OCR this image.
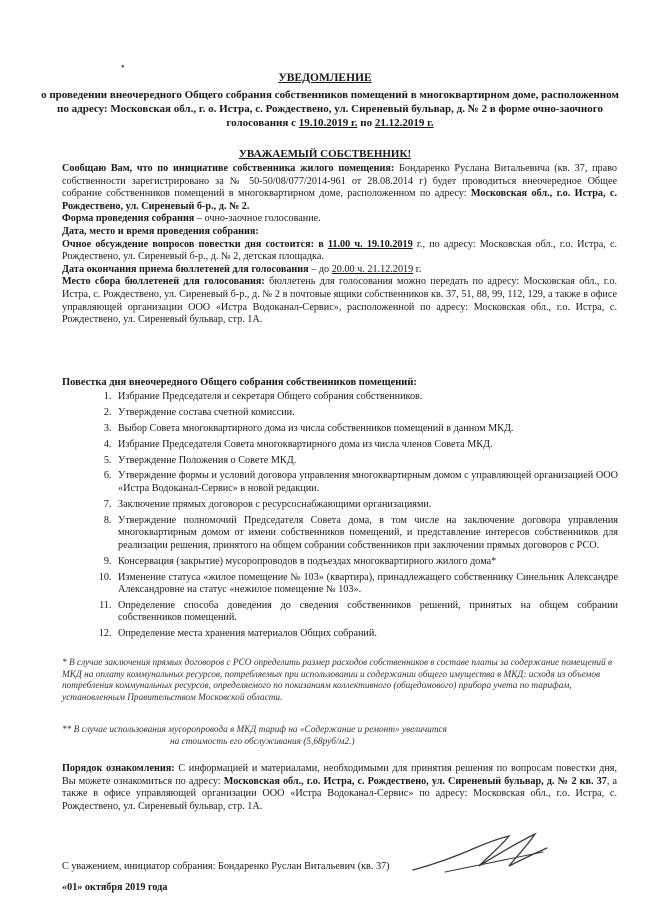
•
УВЕДОМЛЕНИЕ
о проведении внеочередного Общего собрания собственников помещений в многоквартирном доме, расположенном по адресу: Московская обл., г. о. Истра, с. Рождествено, ул. Сиреневый бульвар, д. № 2 в форме очно-заочного голосования с 19.10.2019 г. по 21.12.2019 г.
УВАЖАЕМЫЙ СОБСТВЕННИК!
Сообщаю Вам, что по инициативе собственника жилого помещения: Бондаренко Руслана Витальевича (кв. 37, право собственности зарегистрировано за № 50-50/08/077/2014-961 от 28.08.2014 г) будет проводиться внеочередное Общее собрание собственников помещений в многоквартирном доме, расположенном по адресу: Московская обл., г.о. Истра, с. Рождествено, ул. Сиреневый б-р., д. № 2.
Форма проведения собрания – очно-заочное голосование.
Дата, место и время проведения собрания:
Очное обсуждение вопросов повестки дня состоится: в 11.00 ч. 19.10.2019 г., по адресу: Московская обл., г.о. Истра, с. Рождествено, ул. Сиреневый б-р., д. № 2, детская площадка.
Дата окончания приема бюллетеней для голосования – до 20.00 ч. 21.12.2019 г.
Место сбора бюллетеней для голосования: бюллетень для голосования можно передать по адресу: Московская обл., г.о. Истра, с. Рождествено, ул. Сиреневый б-р., д. № 2 в почтовые ящики собственников кв. 37, 51, 88, 99, 112, 129, а также в офисе управляющей организации ООО «Истра Водоканал-Сервис», расположенной по адресу: Московская обл., г.о. Истра, с. Рождествено, ул. Сиреневый бульвар, стр. 1А.
Повестка дня внеочередного Общего собрания собственников помещений:
1. Избрание Председателя и секретаря Общего собрания собственников.
2. Утверждение состава счетной комиссии.
3. Выбор Совета многоквартирного дома из числа собственников помещений в данном МКД.
4. Избрание Председателя Совета многоквартирного дома из числа членов Совета МКД.
5. Утверждение Положения о Совете МКД.
6. Утверждение формы и условий договора управления многоквартирным домом с управляющей организацией ООО «Истра Водоканал-Сервис» в новой редакции.
7. Заключение прямых договоров с ресурсоснабжающими организациями.
8. Утверждение полномочий Председателя Совета дома, в том числе на заключение договора управления многоквартирным домом от имени собственников помещений, и представление интересов собственников для реализации решения, принятого на общем собрании собственников при заключении прямых договоров с РСО.
9. Консервация (закрытие) мусоропроводов в подъездах многоквартирного жилого дома*
10. Изменение статуса «жилое помещение № 103» (квартира), принадлежащего собственнику Синельник Александре Александровне на статус «нежилое помещение № 103».
11. Определение способа доведения до сведения собственников решений, принятых на общем собрании собственников помещений.
12. Определение места хранения материалов Общих собраний.
* В случае заключения прямых договоров с РСО определить размер расходов собственников в составе платы за содержание помещений в МКД на оплату коммунальных ресурсов, потребляемых при использовании и содержании общего имущества в МКД: исходя из объемов потребления коммунальных ресурсов, определяемого по показаниям коллективного (общедомового) прибора учета по тарифам, установленным Правительством Московской области.
** В случае использования мусоропровода в МКД тариф на «Содержание и ремонт» увеличится
на стоимость его обслуживания (5,68руб/м2.)
Порядок ознакомления: С информацией и материалами, необходимыми для принятия решения по вопросам повестки дня, Вы можете ознакомиться по адресу: Московская обл., г.о. Истра, с. Рождествено, ул. Сиреневый бульвар, д. № 2 кв. 37, а также в офисе управляющей организации ООО «Истра Водоканал-Сервис» по адресу: Московская обл., г.о. Истра, с. Рождествено, ул. Сиреневый бульвар, стр. 1А.
С уважением, инициатор собрания: Бондаренко Руслан Витальевич (кв. 37)
«01» октября 2019 года
